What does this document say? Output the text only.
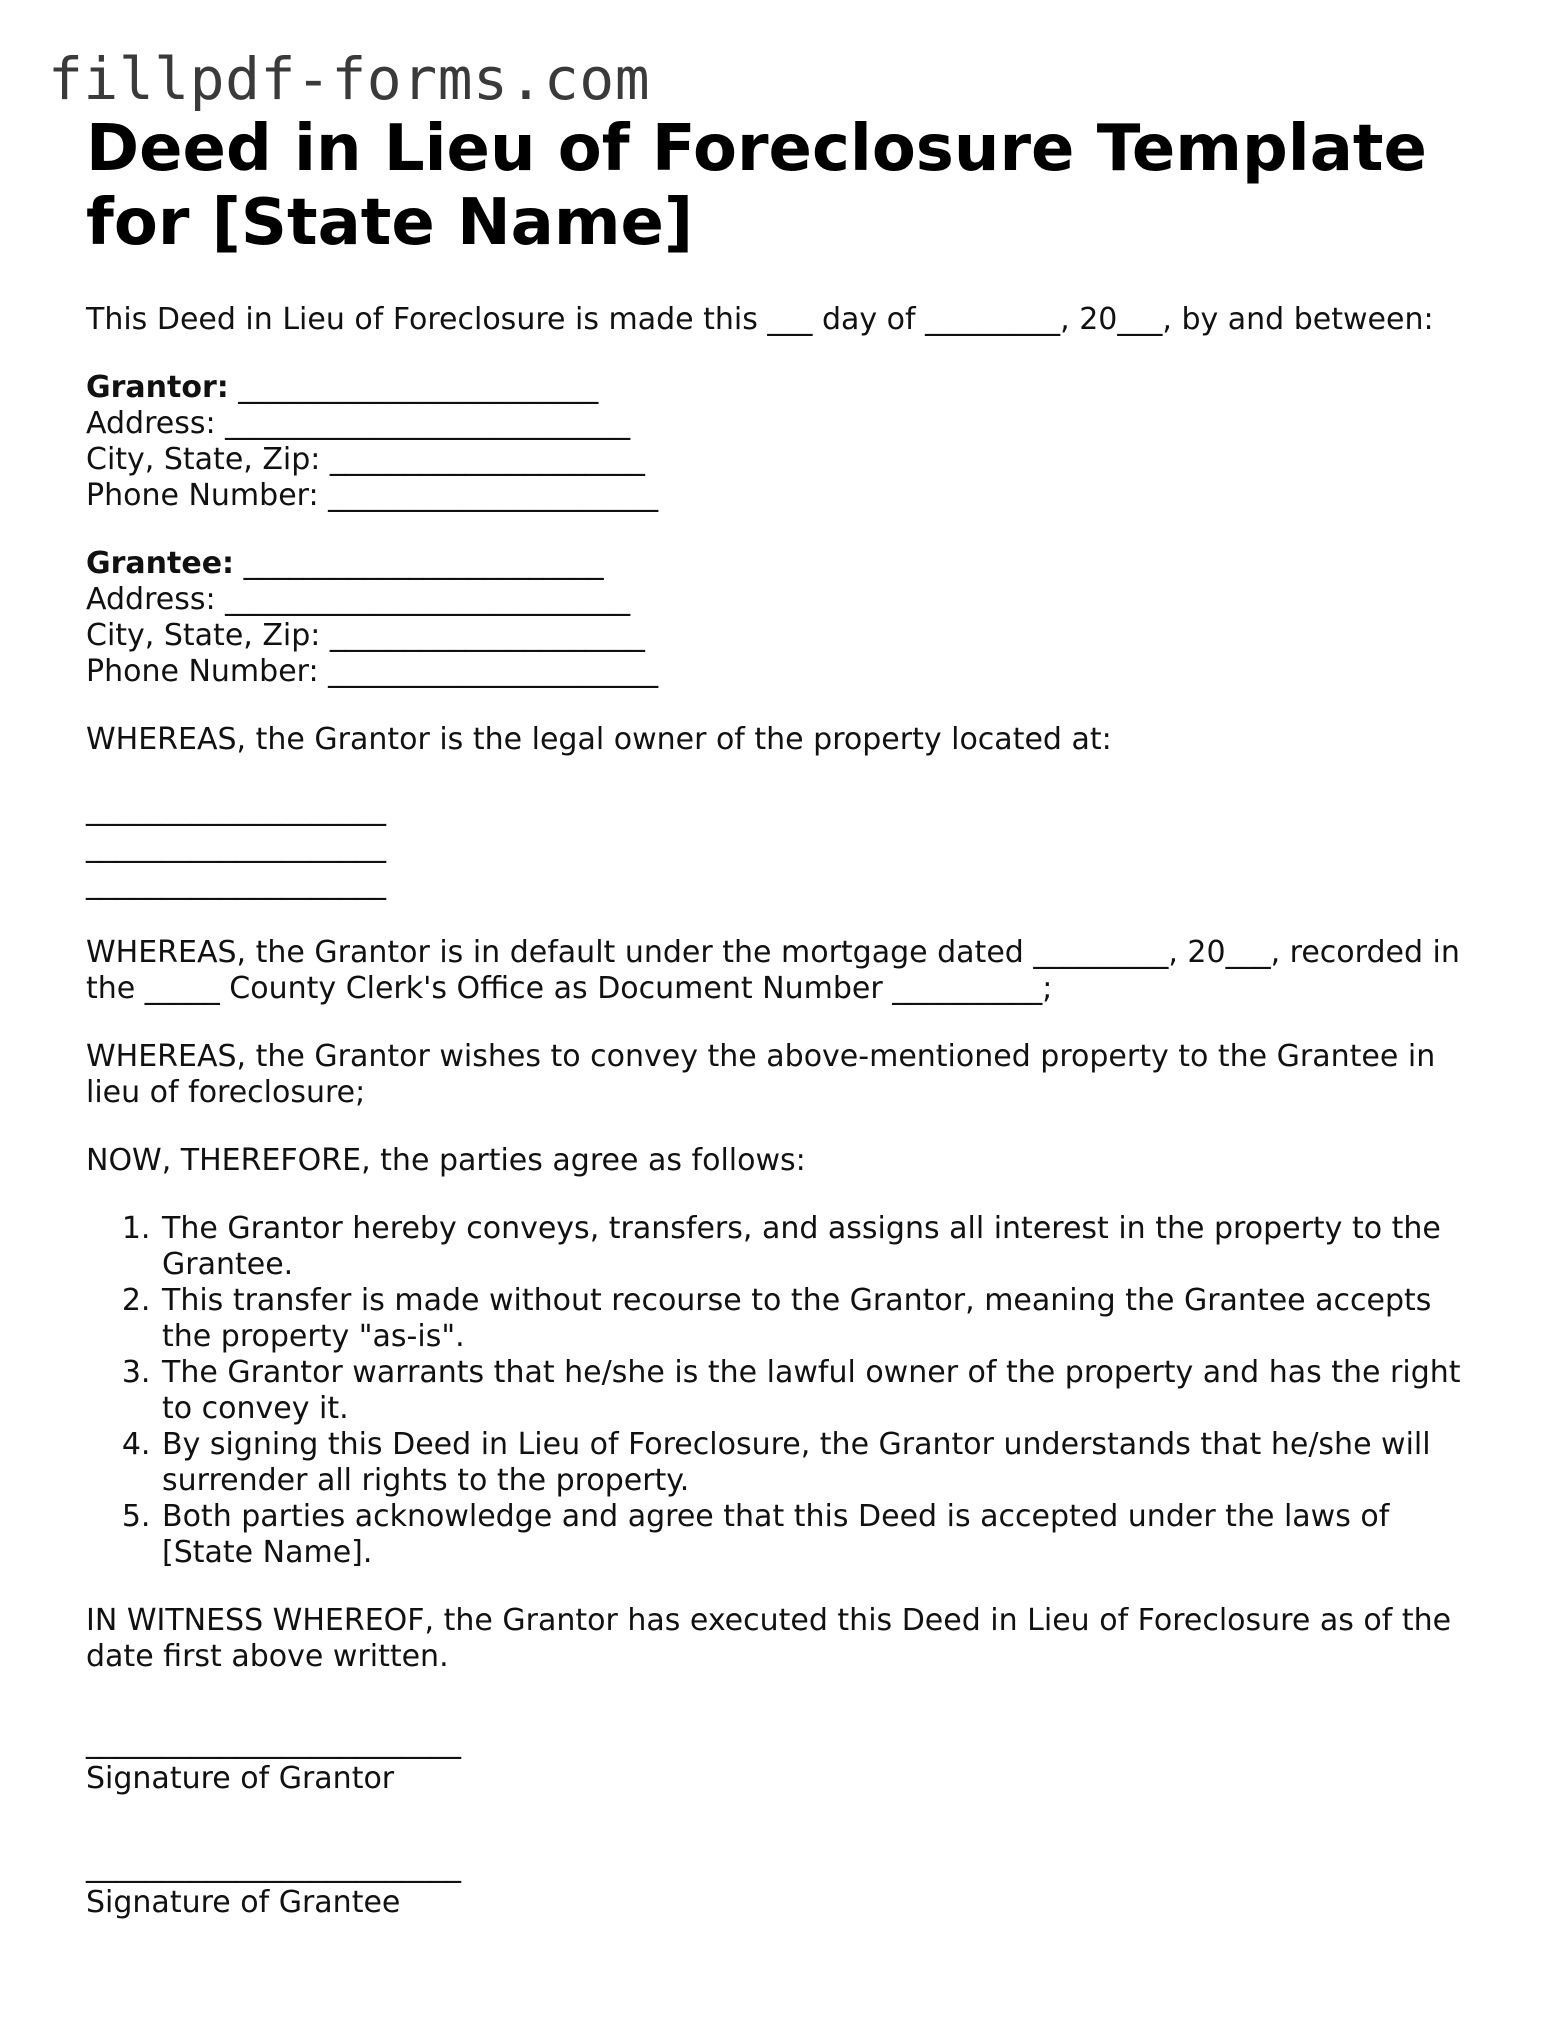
fillpdf-forms.com
Deed in Lieu of Foreclosure Template for [State Name]

This Deed in Lieu of Foreclosure is made this ___ day of _________, 20___, by and between:

Grantor: ________________________
Address: ___________________________
City, State, Zip: _____________________
Phone Number: ______________________
Grantee: ________________________
Address: ___________________________
City, State, Zip: _____________________
Phone Number: ______________________

WHEREAS, the Grantor is the legal owner of the property located at:

____________________
____________________
____________________

WHEREAS, the Grantor is in default under the mortgage dated _________, 20___, recorded in the _____ County Clerk's Office as Document Number __________;

WHEREAS, the Grantor wishes to convey the above-mentioned property to the Grantee in lieu of foreclosure;

NOW, THEREFORE, the parties agree as follows:

1. The Grantor hereby conveys, transfers, and assigns all interest in the property to the Grantee.
2. This transfer is made without recourse to the Grantor, meaning the Grantee accepts the property "as-is".
3. The Grantor warrants that he/she is the lawful owner of the property and has the right to convey it.
4. By signing this Deed in Lieu of Foreclosure, the Grantor understands that he/she will surrender all rights to the property.
5. Both parties acknowledge and agree that this Deed is accepted under the laws of [State Name].

IN WITNESS WHEREOF, the Grantor has executed this Deed in Lieu of Foreclosure as of the date first above written.

_________________________
Signature of Grantor
_________________________
Signature of Grantee
